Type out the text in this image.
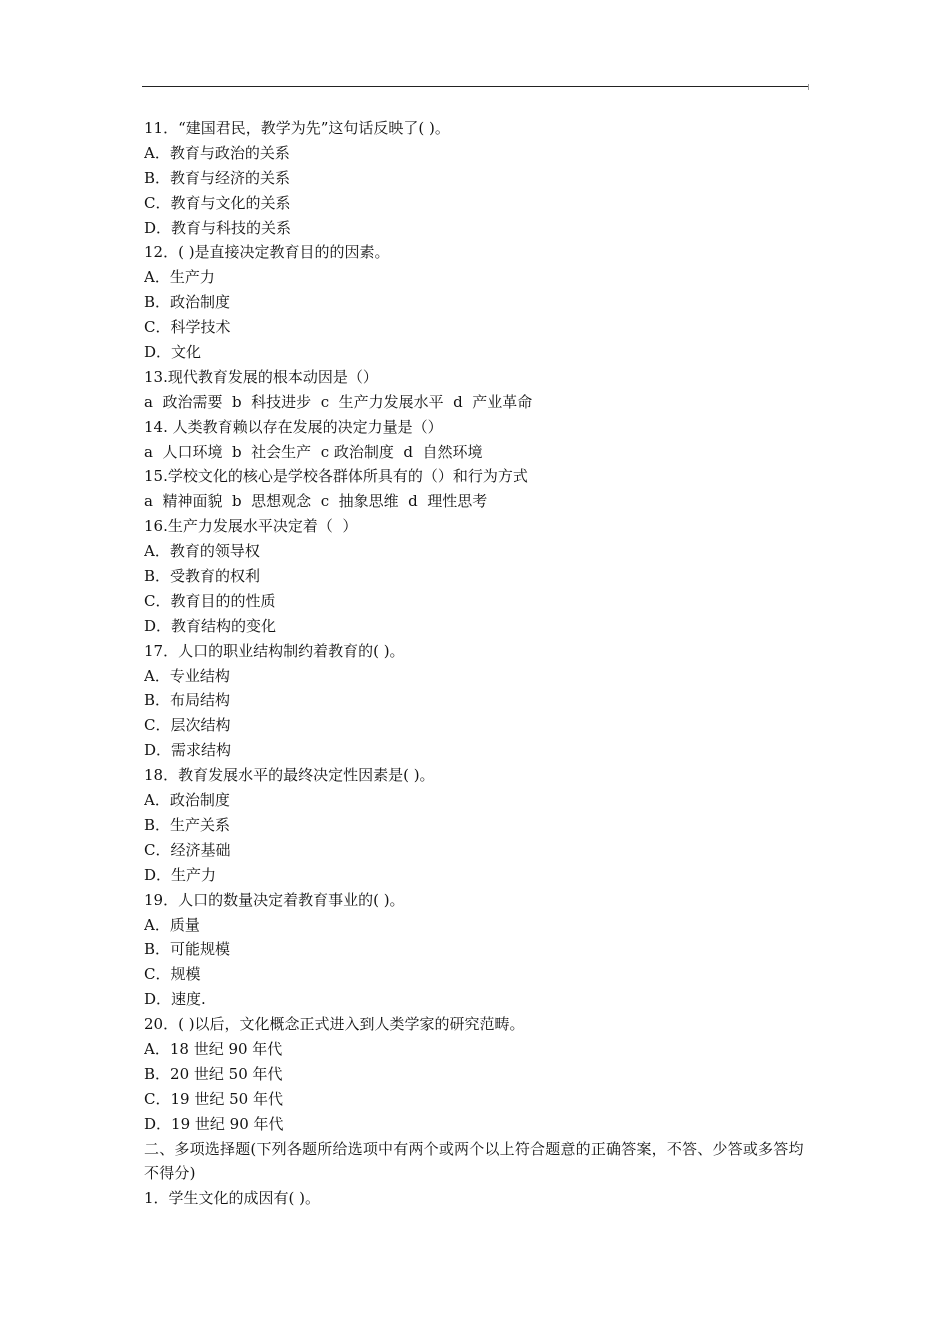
11．“建国君民，教学为先”这句话反映了( )。
A．教育与政治的关系
B．教育与经济的关系
C．教育与文化的关系
D．教育与科技的关系
12．( )是直接决定教育目的的因素。
A．生产力
B．政治制度
C．科学技术
D．文化
13.现代教育发展的根本动因是（）
a  政治需要  b  科技进步  c  生产力发展水平  d  产业革命
14. 人类教育赖以存在发展的决定力量是（）
a  人口环境  b  社会生产  c 政治制度  d  自然环境
15.学校文化的核心是学校各群体所具有的（）和行为方式
a  精神面貌  b  思想观念  c  抽象思维  d  理性思考
16.生产力发展水平决定着（  ）
A．教育的领导权
B．受教育的权利
C．教育目的的性质
D．教育结构的变化
17．人口的职业结构制约着教育的( )。
A．专业结构
B．布局结构
C．层次结构
D．需求结构
18．教育发展水平的最终决定性因素是( )。
A．政治制度
B．生产关系
C．经济基础
D．生产力
19．人口的数量决定着教育事业的( )。
A．质量
B．可能规模
C．规模
D．速度.
20．( )以后，文化概念正式进入到人类学家的研究范畴。
A．18 世纪 90 年代
B．20 世纪 50 年代
C．19 世纪 50 年代
D．19 世纪 90 年代
二、多项选择题(下列各题所给选项中有两个或两个以上符合题意的正确答案，不答、少答或多答均不得分)
1．学生文化的成因有( )。
